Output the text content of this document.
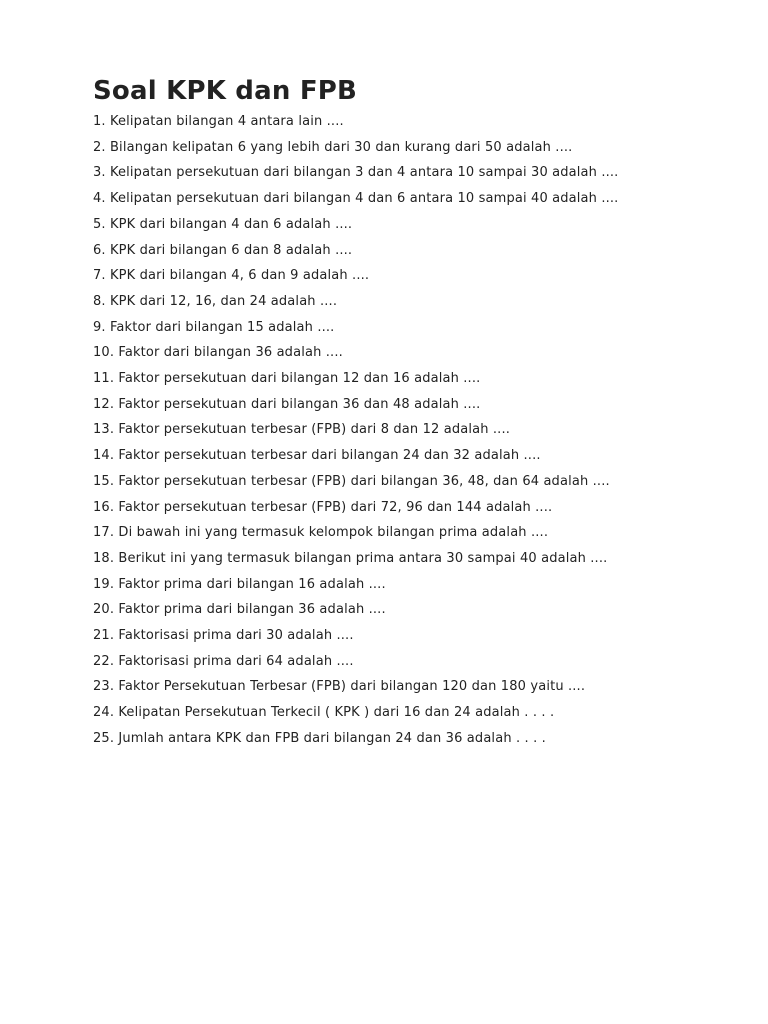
Soal KPK dan FPB
1. Kelipatan bilangan 4 antara lain ....
2. Bilangan kelipatan 6 yang lebih dari 30 dan kurang dari 50 adalah ....
3. Kelipatan persekutuan dari bilangan 3 dan 4 antara 10 sampai 30 adalah ....
4. Kelipatan persekutuan dari bilangan 4 dan 6 antara 10 sampai 40 adalah ....
5. KPK dari bilangan 4 dan 6 adalah ....
6. KPK dari bilangan 6 dan 8 adalah ....
7. KPK dari bilangan 4, 6 dan 9 adalah ....
8. KPK dari 12, 16, dan 24 adalah ....
9. Faktor dari bilangan 15 adalah ....
10. Faktor dari bilangan 36 adalah ....
11. Faktor persekutuan dari bilangan 12 dan 16 adalah ....
12. Faktor persekutuan dari bilangan 36 dan 48 adalah ....
13. Faktor persekutuan terbesar (FPB) dari 8 dan 12 adalah ....
14. Faktor persekutuan terbesar dari bilangan 24 dan 32 adalah ....
15. Faktor persekutuan terbesar (FPB) dari bilangan 36, 48, dan 64 adalah ....
16. Faktor persekutuan terbesar (FPB) dari 72, 96 dan 144 adalah ....
17. Di bawah ini yang termasuk kelompok bilangan prima adalah ....
18. Berikut ini yang termasuk bilangan prima antara 30 sampai 40 adalah ....
19. Faktor prima dari bilangan 16 adalah ....
20. Faktor prima dari bilangan 36 adalah ....
21. Faktorisasi prima dari 30 adalah ....
22. Faktorisasi prima dari 64 adalah ....
23. Faktor Persekutuan Terbesar (FPB) dari bilangan 120 dan 180 yaitu ....
24. Kelipatan Persekutuan Terkecil ( KPK ) dari 16 dan 24 adalah . . . .
25. Jumlah antara KPK dan FPB dari bilangan 24 dan 36 adalah . . . .
